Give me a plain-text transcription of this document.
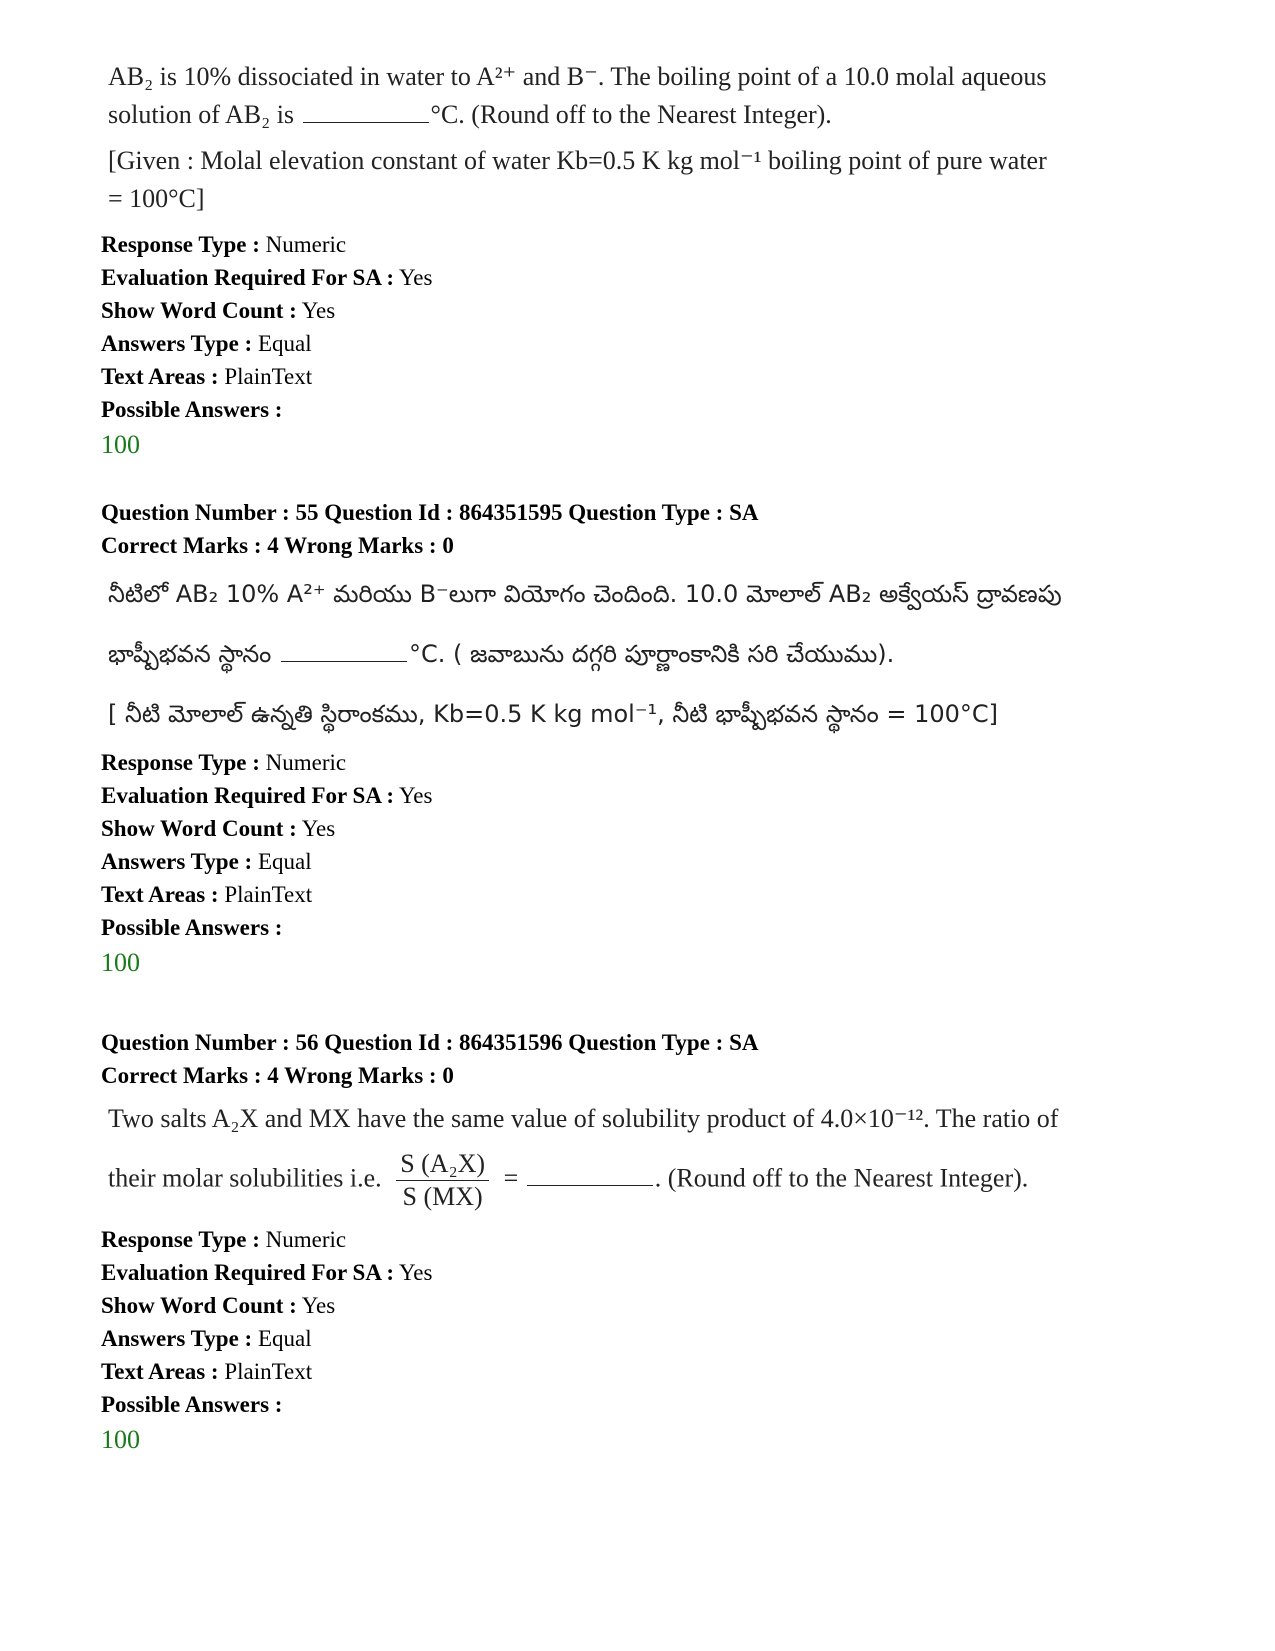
AB₂ is 10% dissociated in water to A²⁺ and B⁻. The boiling point of a 10.0 molal aqueous
solution of AB₂ is	°C. (Round off to the Nearest Integer).
[Given : Molal elevation constant of water Kb=0.5 K kg mol⁻¹ boiling point of pure water
= 100°C]
Response Type : Numeric
Evaluation Required For SA : Yes
Show Word Count : Yes
Answers Type : Equal
Text Areas : PlainText
Possible Answers :
100
Question Number : 55 Question Id : 864351595 Question Type : SA
Correct Marks : 4 Wrong Marks : 0
నీటిలో AB₂ 10% A²⁺ మరియు B⁻లుగా వియోగం చెందింది. 10.0 మోలాల్ AB₂ అక్వేయస్ ద్రావణపు
భాష్పీభవన స్థానం	°C. ( జవాబును దగ్గరి పూర్ణాంకానికి సరి చేయుము).
[ నీటి మోలాల్ ఉన్నతి స్థిరాంకము, Kb=0.5 K kg mol⁻¹, నీటి భాష్పీభవన స్థానం = 100°C]
Response Type : Numeric
Evaluation Required For SA : Yes
Show Word Count : Yes
Answers Type : Equal
Text Areas : PlainText
Possible Answers :
100
Question Number : 56 Question Id : 864351596 Question Type : SA
Correct Marks : 4 Wrong Marks : 0
Two salts A₂X and MX have the same value of solubility product of 4.0×10⁻¹². The ratio of
their molar solubilities i.e. $\frac{\text{S (A₂X)}}{S (MX)}$ =	. (Round off to the Nearest Integer).
Response Type : Numeric
Evaluation Required For SA : Yes
Show Word Count : Yes
Answers Type : Equal
Text Areas : PlainText
Possible Answers :
100
